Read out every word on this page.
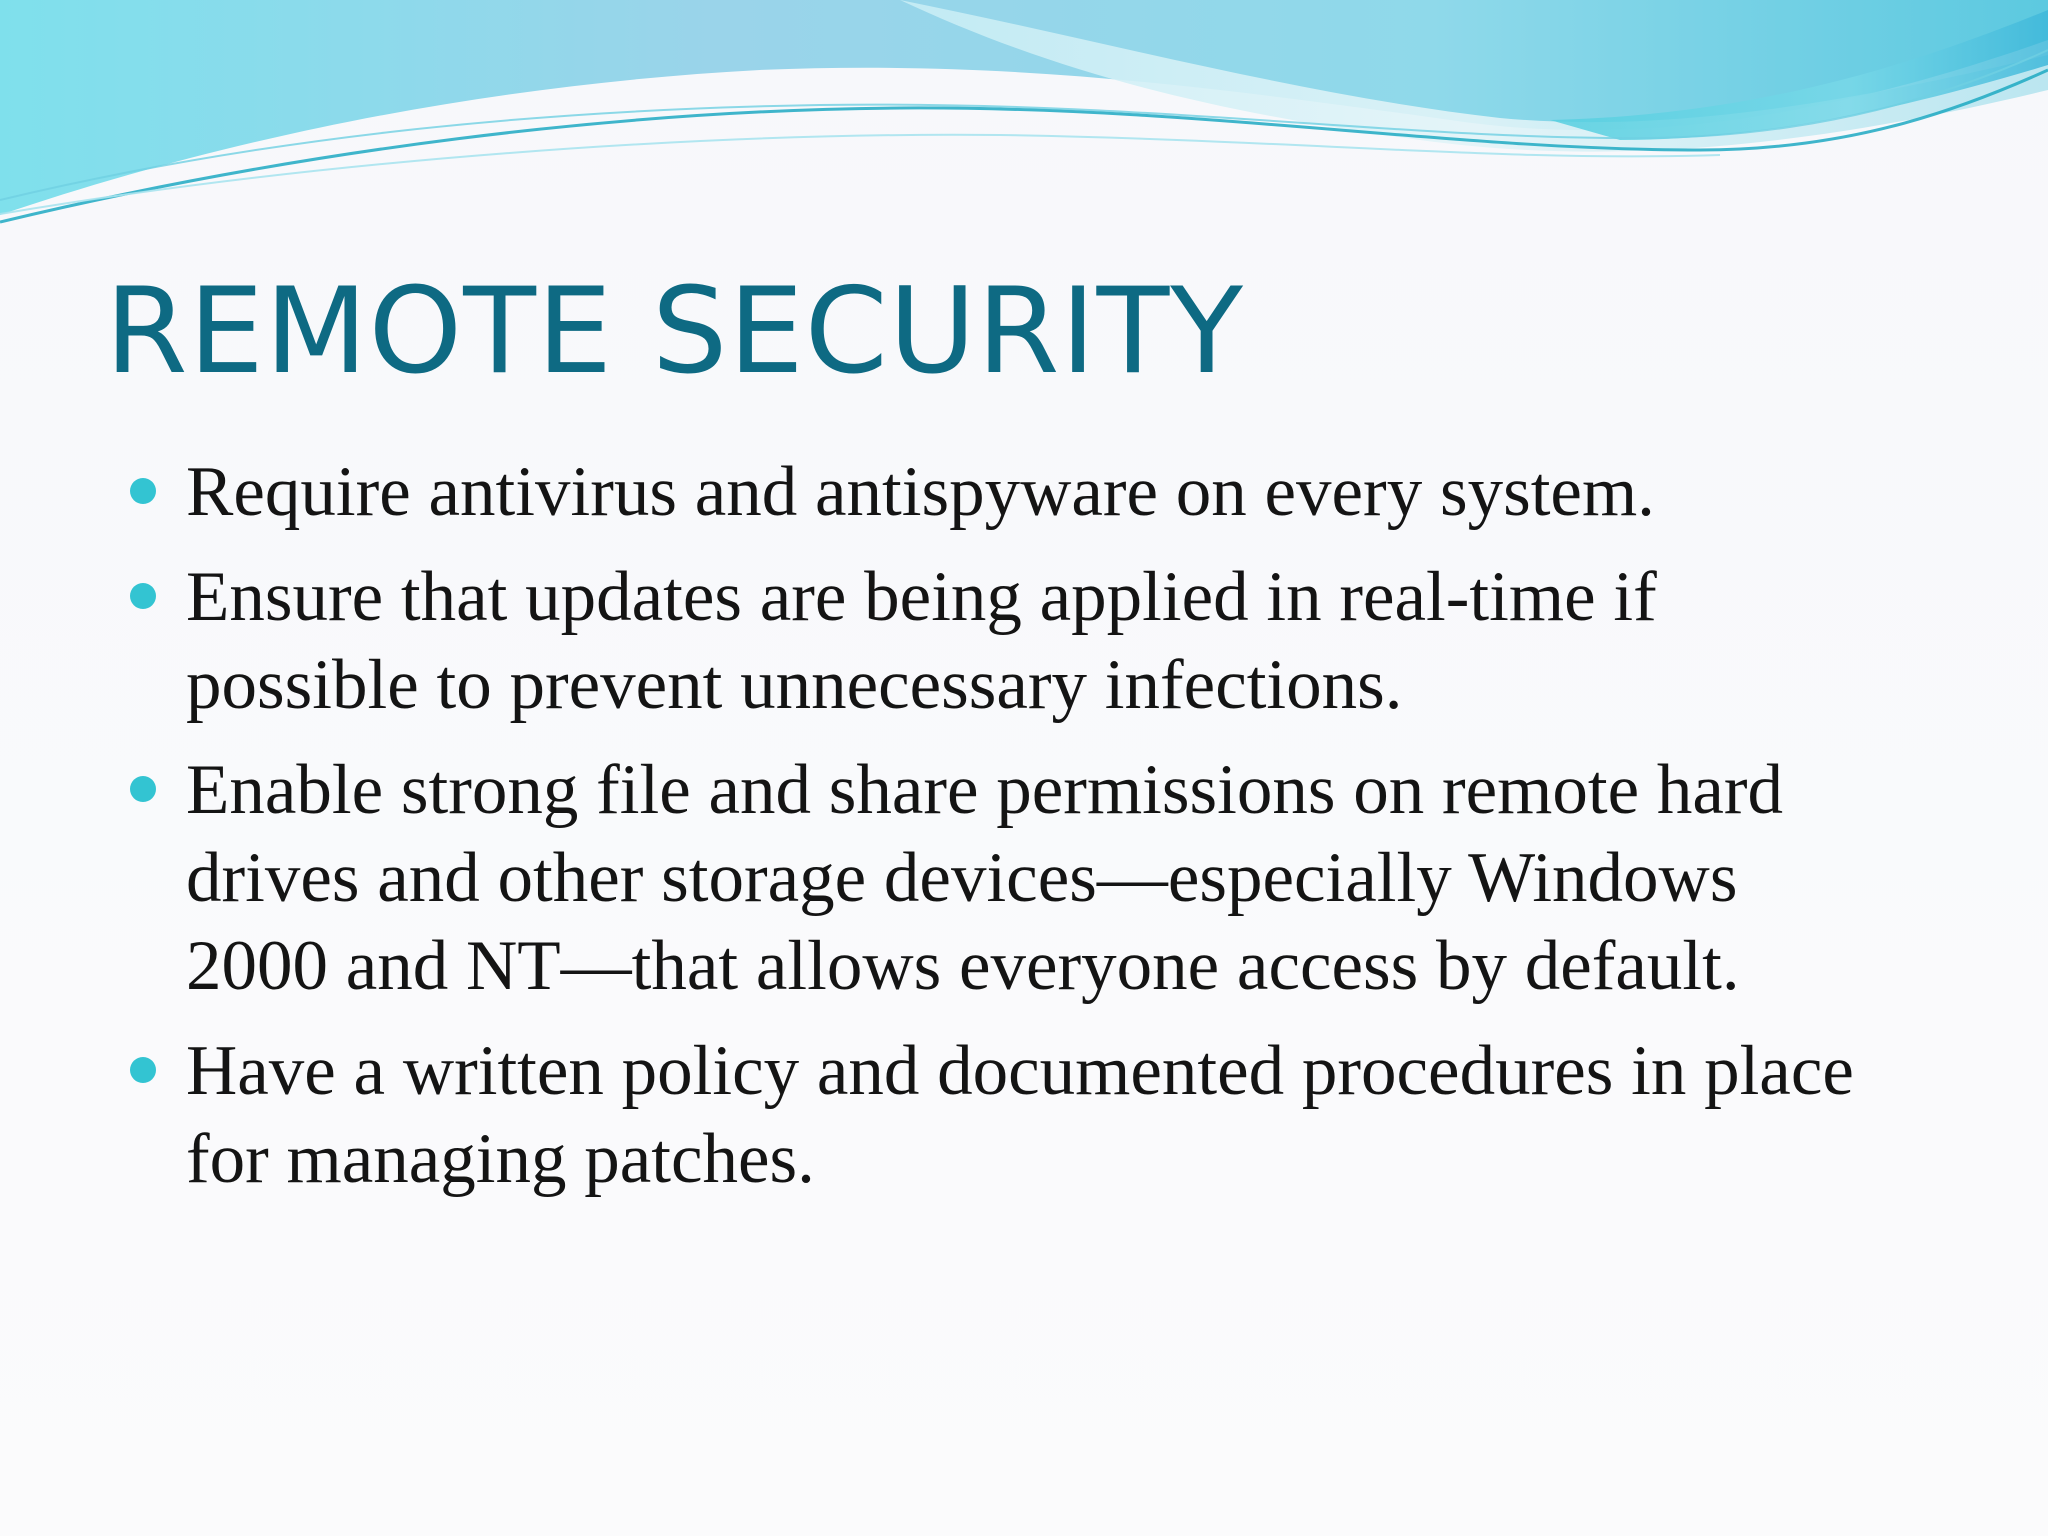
REMOTE SECURITY
Require antivirus and antispyware on every system.
Ensure that updates are being applied in real-time if possible to prevent unnecessary infections.
Enable strong file and share permissions on remote hard drives and other storage devices—especially Windows 2000 and NT—that allows everyone access by default.
Have a written policy and documented procedures in place for managing patches.
